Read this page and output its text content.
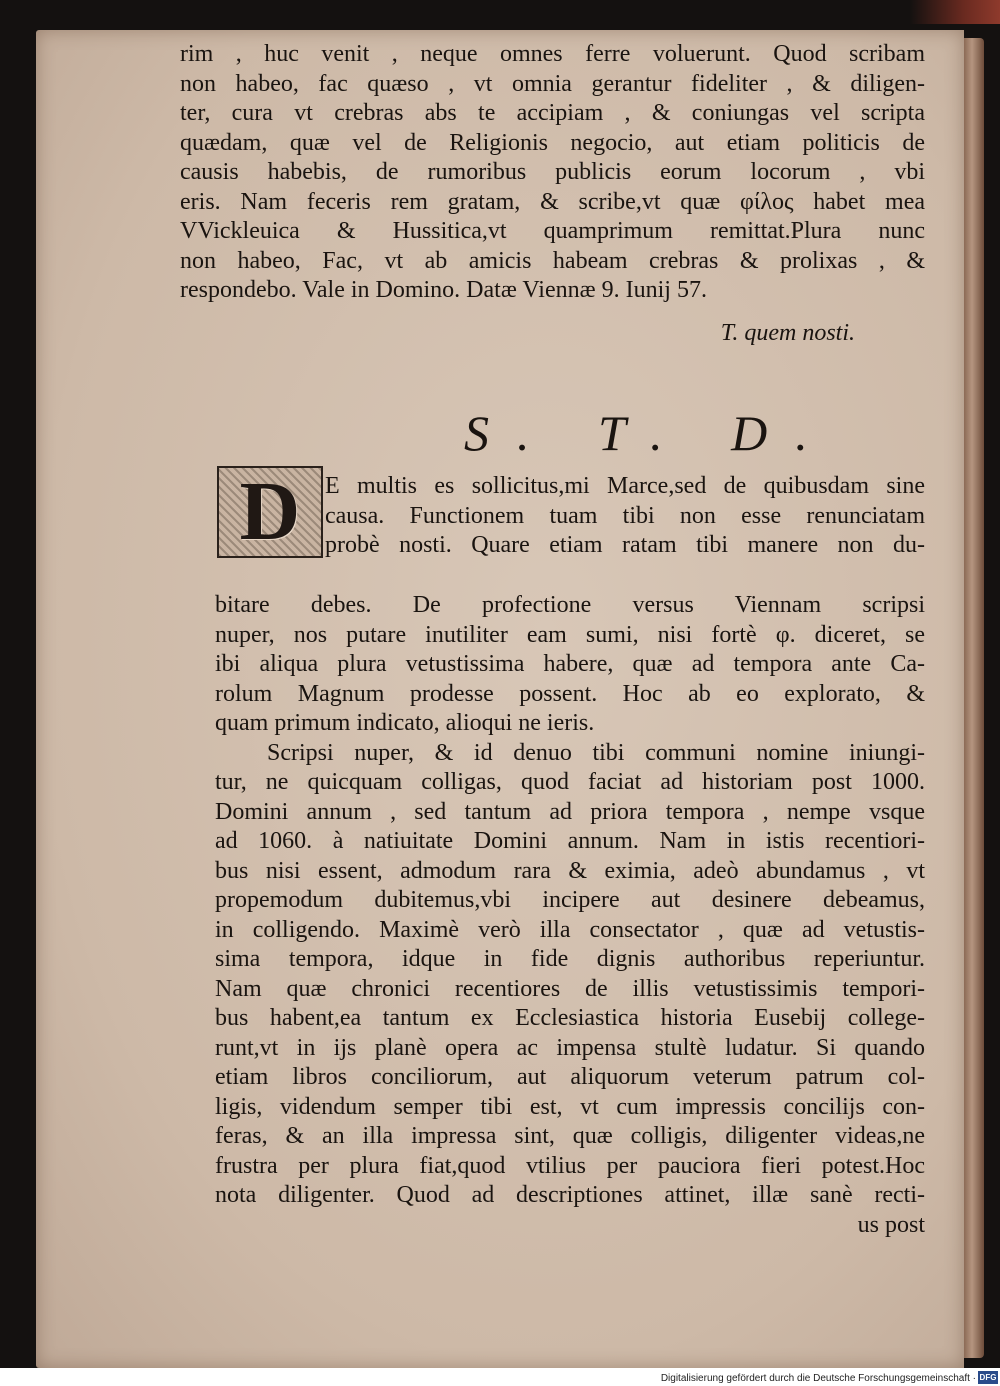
rim , huc venit , neque omnes ferre voluerunt. Quod scribam
non habeo, fac quæso , vt omnia gerantur fideliter , & diligen-
ter, cura vt crebras abs te accipiam , & coniungas vel scripta
quædam, quæ vel de Religionis negocio, aut etiam politicis de
causis habebis, de rumoribus publicis eorum locorum , vbi
eris. Nam feceris rem gratam, & scribe,vt quæ φίλος habet mea
VVickleuica & Hussitica,vt quamprimum remittat.Plura nunc
non habeo, Fac, vt ab amicis habeam crebras & prolixas , &
respondebo. Vale in Domino. Datæ Viennæ 9. Iunij 57.
T. quem nosti.
S. T. D.
D E multis es sollicitus,mi Marce,sed de quibusdam sine
causa. Functionem tuam tibi non esse renunciatam
probè nosti. Quare etiam ratam tibi manere non du-
bitare debes. De profectione versus Viennam scripsi
nuper, nos putare inutiliter eam sumi, nisi fortè φ. diceret, se
ibi aliqua plura vetustissima habere, quæ ad tempora ante Ca-
rolum Magnum prodesse possent. Hoc ab eo explorato, &
quam primum indicato, alioqui ne ieris.
Scripsi nuper, & id denuo tibi communi nomine iniungi-
tur, ne quicquam colligas, quod faciat ad historiam post 1000.
Domini annum , sed tantum ad priora tempora , nempe vsque
ad 1060. à natiuitate Domini annum. Nam in istis recentiori-
bus nisi essent, admodum rara & eximia, adeò abundamus , vt
propemodum dubitemus,vbi incipere aut desinere debeamus,
in colligendo. Maximè verò illa consectator , quæ ad vetustis-
sima tempora, idque in fide dignis authoribus reperiuntur.
Nam quæ chronici recentiores de illis vetustissimis tempori-
bus habent,ea tantum ex Ecclesiastica historia Eusebij college-
runt,vt in ijs planè opera ac impensa stultè ludatur. Si quando
etiam libros conciliorum, aut aliquorum veterum patrum col-
ligis, videndum semper tibi est, vt cum impressis concilijs con-
feras, & an illa impressa sint, quæ colligis, diligenter videas,ne
frustra per plura fiat,quod vtilius per pauciora fieri potest.Hoc
nota diligenter. Quod ad descriptiones attinet, illæ sanè recti-
us post
Digitalisierung gefördert durch die Deutsche Forschungsgemeinschaft · DFG
